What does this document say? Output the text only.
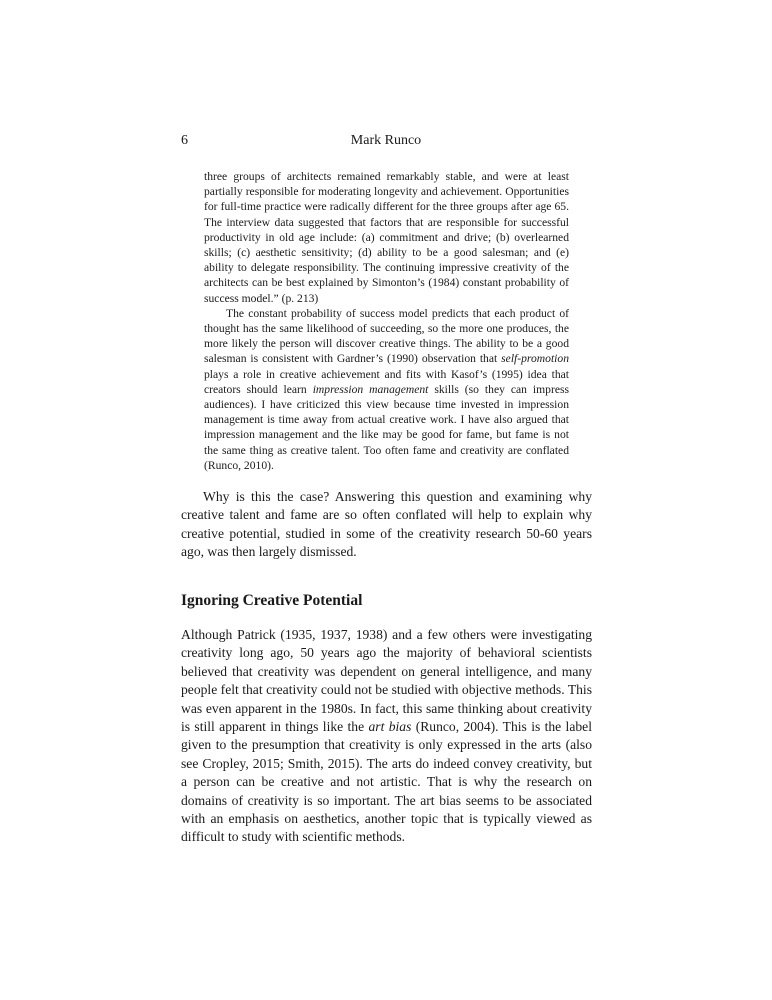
6	Mark Runco

three groups of architects remained remarkably stable, and were at least partially responsible for moderating longevity and achievement. Opportunities for full-time practice were radically different for the three groups after age 65. The interview data suggested that factors that are responsible for successful productivity in old age include: (a) commitment and drive; (b) overlearned skills; (c) aesthetic sensitivity; (d) ability to be a good salesman; and (e) ability to delegate responsibility. The continuing impressive creativity of the architects can be best explained by Simonton’s (1984) constant probability of success model.” (p. 213)

The constant probability of success model predicts that each product of thought has the same likelihood of succeeding, so the more one produces, the more likely the person will discover creative things. The ability to be a good salesman is consistent with Gardner’s (1990) observation that self-promotion plays a role in creative achievement and fits with Kasof’s (1995) idea that creators should learn impression management skills (so they can impress audiences). I have criticized this view because time invested in impression management is time away from actual creative work. I have also argued that impression management and the like may be good for fame, but fame is not the same thing as creative talent. Too often fame and creativity are conflated (Runco, 2010).

Why is this the case? Answering this question and examining why creative talent and fame are so often conflated will help to explain why creative potential, studied in some of the creativity research 50-60 years ago, was then largely dismissed.

Ignoring Creative Potential

Although Patrick (1935, 1937, 1938) and a few others were investigating creativity long ago, 50 years ago the majority of behavioral scientists believed that creativity was dependent on general intelligence, and many people felt that creativity could not be studied with objective methods. This was even apparent in the 1980s. In fact, this same thinking about creativity is still apparent in things like the art bias (Runco, 2004). This is the label given to the presumption that creativity is only expressed in the arts (also see Cropley, 2015; Smith, 2015). The arts do indeed convey creativity, but a person can be creative and not artistic. That is why the research on domains of creativity is so important. The art bias seems to be associated with an emphasis on aesthetics, another topic that is typically viewed as difficult to study with scientific methods.
